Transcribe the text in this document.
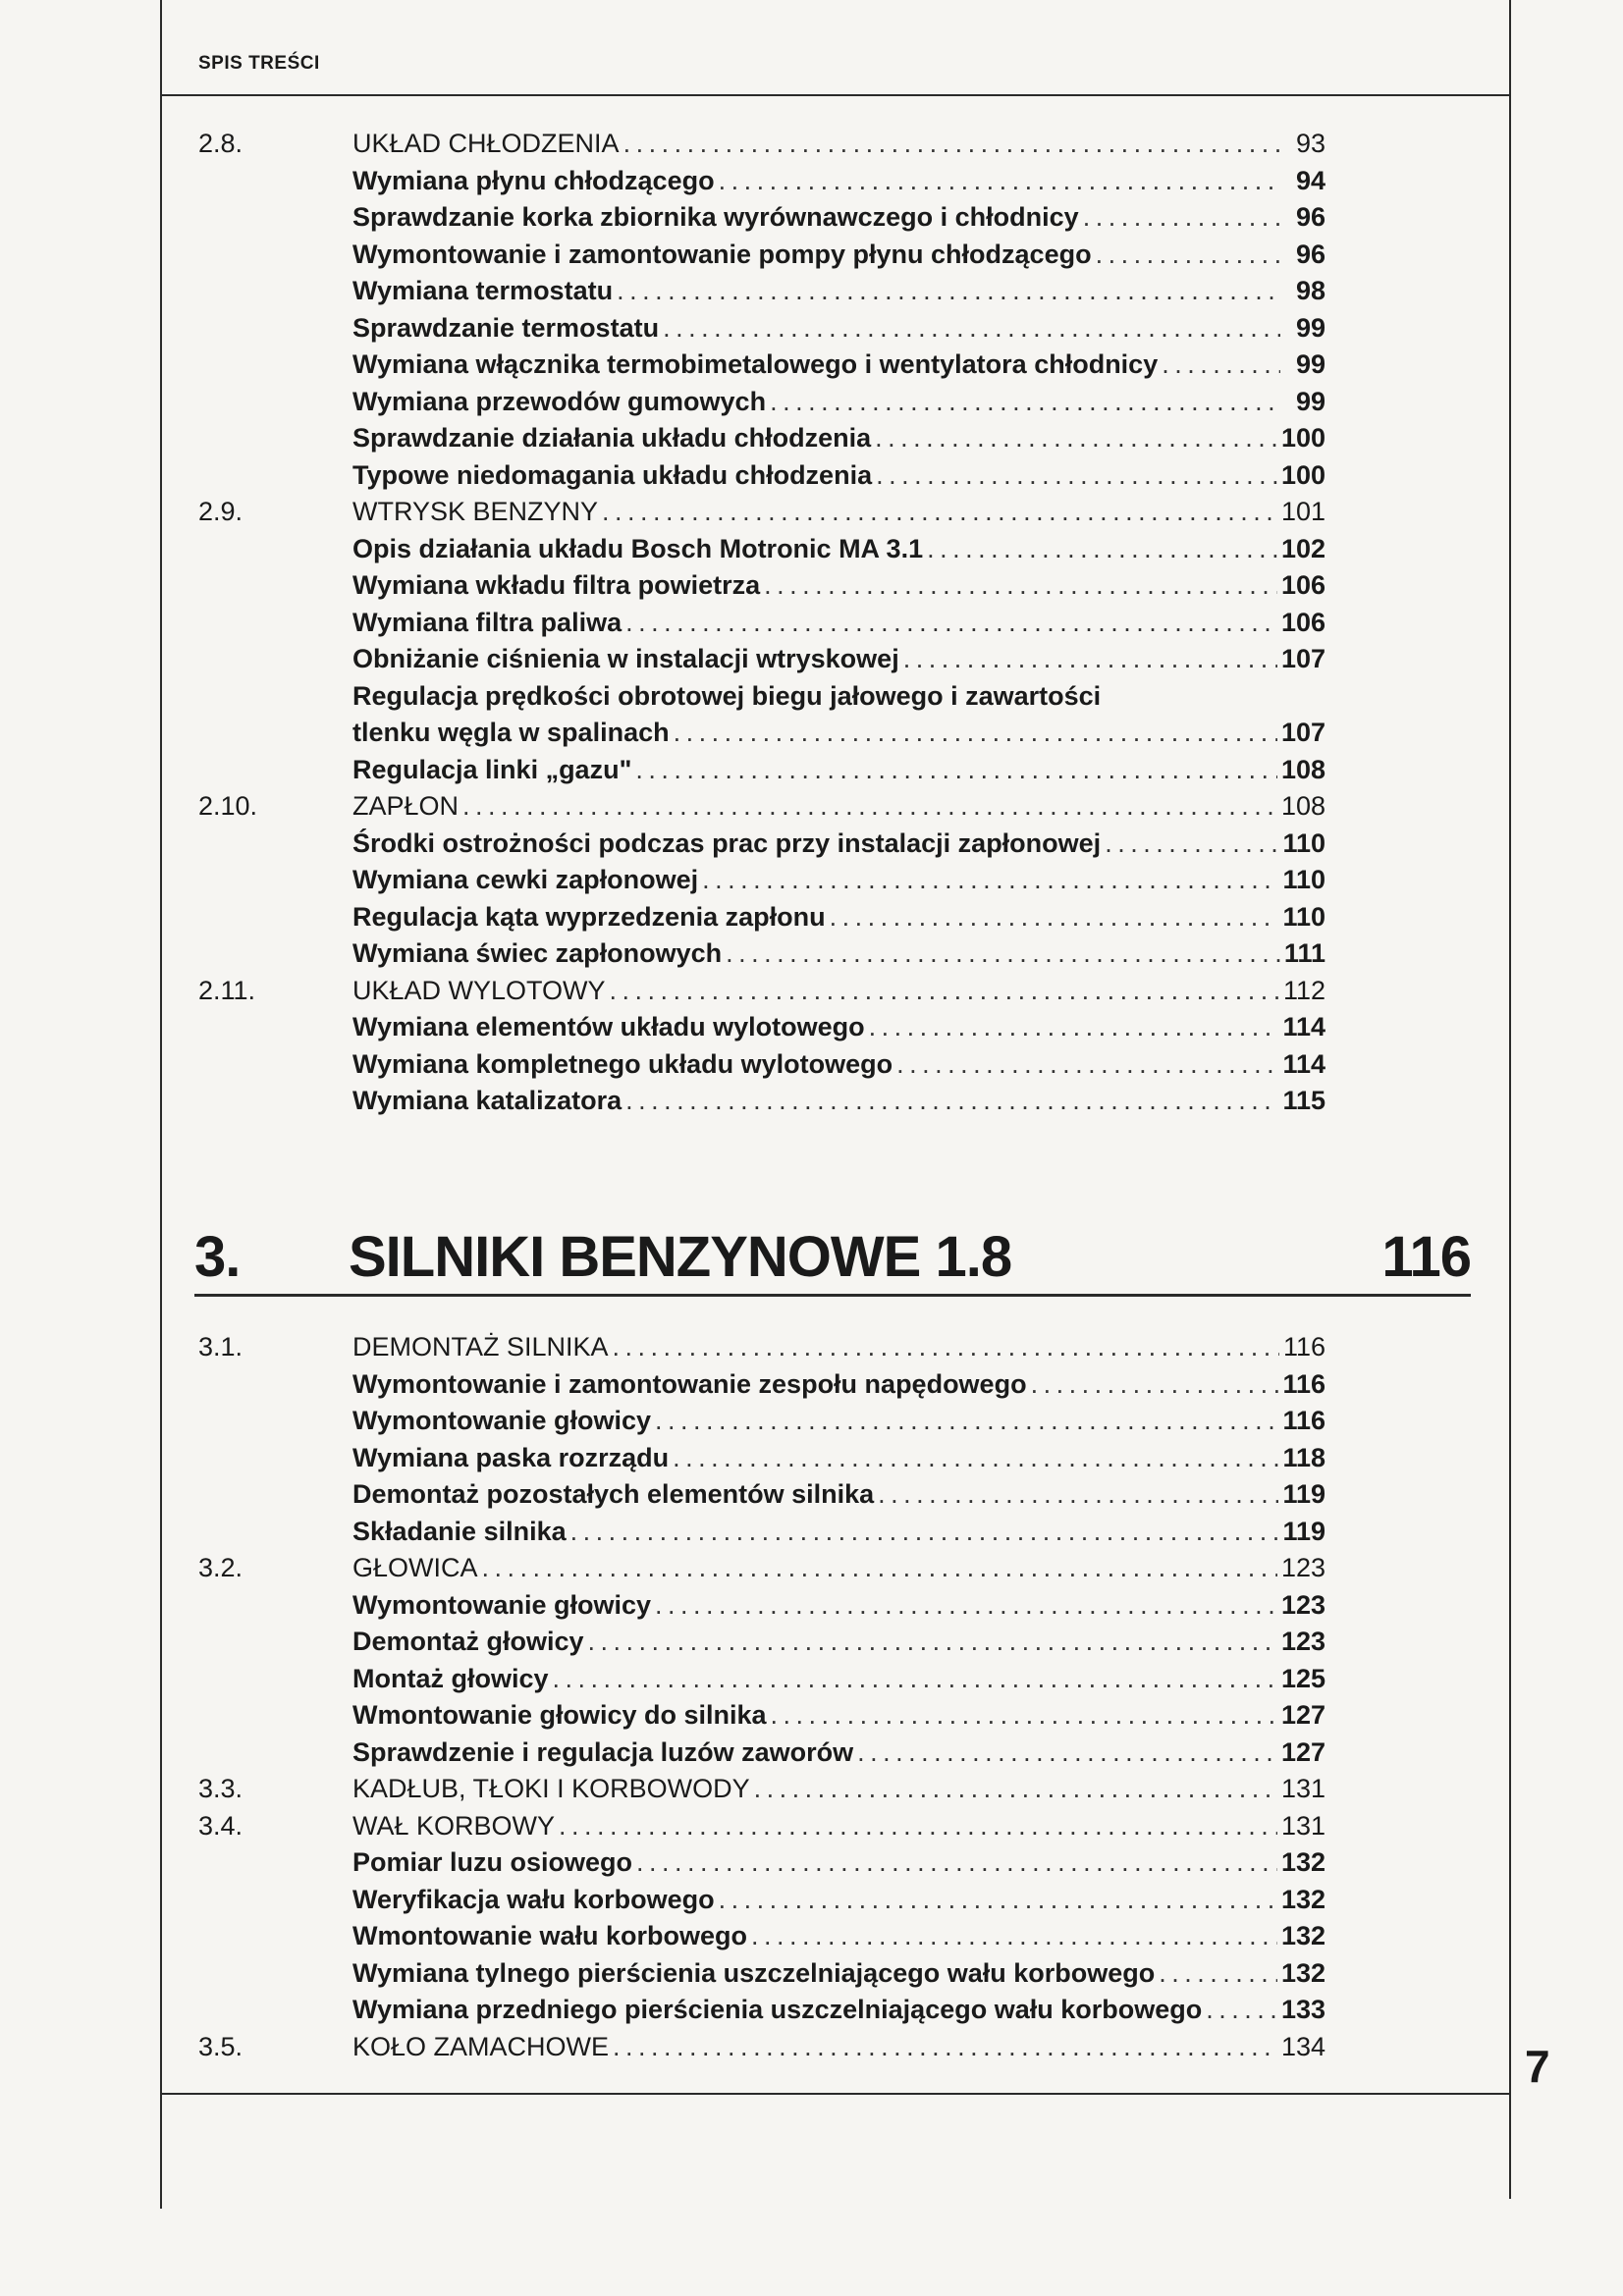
SPIS TREŚCI
2.8.	UKŁAD CHŁODZENIA . . .	93
Wymiana płynu chłodzącego . . .	94
Sprawdzanie korka zbiornika wyrównawczego i chłodnicy . . .	96
Wymontowanie i zamontowanie pompy płynu chłodzącego . . .	96
Wymiana termostatu . . .	98
Sprawdzanie termostatu . . .	99
Wymiana włącznika termobimetalowego i wentylatora chłodnicy . . .	99
Wymiana przewodów gumowych . . .	99
Sprawdzanie działania układu chłodzenia . . .	100
Typowe niedomagania układu chłodzenia . . .	100
2.9.	WTRYSK BENZYNY . . .	101
Opis działania układu Bosch Motronic MA 3.1 . . .	102
Wymiana wkładu filtra powietrza . . .	106
Wymiana filtra paliwa . . .	106
Obniżanie ciśnienia w instalacji wtryskowej . . .	107
Regulacja prędkości obrotowej biegu jałowego i zawartości
tlenku węgla w spalinach . . .	107
Regulacja linki „gazu" . . .	108
2.10.	ZAPŁON . . .	108
Środki ostrożności podczas prac przy instalacji zapłonowej . . .	110
Wymiana cewki zapłonowej . . .	110
Regulacja kąta wyprzedzenia zapłonu . . .	110
Wymiana świec zapłonowych . . .	111
2.11.	UKŁAD WYLOTOWY . . .	112
Wymiana elementów układu wylotowego . . .	114
Wymiana kompletnego układu wylotowego . . .	114
Wymiana katalizatora . . .	115
3. SILNIKI BENZYNOWE 1.8	116
3.1.	DEMONTAŻ SILNIKA . . .	116
Wymontowanie i zamontowanie zespołu napędowego . . .	116
Wymontowanie głowicy . . .	116
Wymiana paska rozrządu . . .	118
Demontaż pozostałych elementów silnika . . .	119
Składanie silnika . . .	119
3.2.	GŁOWICA . . .	123
Wymontowanie głowicy . . .	123
Demontaż głowicy . . .	123
Montaż głowicy . . .	125
Wmontowanie głowicy do silnika . . .	127
Sprawdzenie i regulacja luzów zaworów . . .	127
3.3.	KADŁUB, TŁOKI I KORBOWODY . . .	131
3.4.	WAŁ KORBOWY . . .	131
Pomiar luzu osiowego . . .	132
Weryfikacja wału korbowego . . .	132
Wmontowanie wału korbowego . . .	132
Wymiana tylnego pierścienia uszczelniającego wału korbowego . . .	132
Wymiana przedniego pierścienia uszczelniającego wału korbowego . . .	133
3.5.	KOŁO ZAMACHOWE . . .	134	7
